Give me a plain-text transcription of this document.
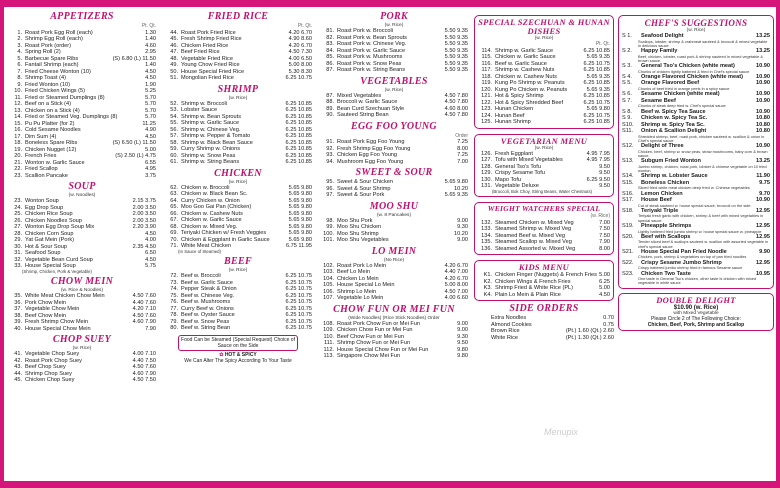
APPETIZERS
Pt. Qt.
1. Roast Pork Egg Roll (each)	1.30
2. Shrimp Egg Roll (each)	1.40
3. Roast Pork (order)	4.60
4. Spring Roll (2)	2.95
5. Barbecue Spare Ribs	(S) 6.80 (L) 11.50
6. Fantail Shrimp (each)	1.40
7. Fried Cheese Wonton (10)	4.50
8. Shrimp Toast (4)	4.50
9. Fried Wonton (10)	1.90
10. Fried Chicken Wings (5)	5.25
11. Fried or Steamed Dumplings (8)	5.70
12. Beef on a Stick (4)	5.70
13. Chicken on a Stick (4)	5.70
14. Fried or Steamed Veg. Dumplings (8)	5.70
15. Pu Pu Platter (for 2)	11.25
16. Cold Sesame Noodles	4.90
17. Dim Sum (4)	4.50
18. Boneless Spare Ribs	(S) 6.50 (L) 11.50
19. Chicken Nugget (12)	5.00
20. French Fries	(S) 2.50 (L) 4.75
21. Wonton w. Garlic Sauce	6.55
22. Fried Scallop	4.95
23. Scallion Pancake	3.75
SOUP
(w. Noodles)
23. Wonton Soup	2.15 3.75
24. Egg Drop Soup	2.00 3.50
25. Chicken Rice Soup	2.00 3.50
26. Chicken Noodles Soup	2.00 3.50
27. Wonton Egg Drop Soup Mix	2.20 3.90
28. Chicken Corn Soup	4.50
29. Yat Gat Mein (Pork)	4.00
30. Hot & Sour Soup	2.35 4.50
31. Seafood Soup	6.50
32. Vegetable Bean Curd Soup	4.50
33. House Special Soup	5.75
(Shrimp, Chicken, Pork & Vegetable)
CHOW MEIN
(w. Rice & Noodles)
35. White Meat Chicken Chow Mein	4.50 7.60
36. Pork Chow Mein	4.40 7.60
37. Vegetable Chow Mein	4.20 7.10
38. Beef Chow Mein	4.50 7.60
39. Fresh Shrimp Chow Mein	4.60 7.90
40. House Special Chow Mein	7.90
CHOP SUEY
(w. Rice)
41. Vegetable Chop Suey	4.00 7.10
42. Roast Pork Chop Suey	4.40 7.50
43. Beef Chop Suey	4.50 7.60
44. Shrimp Chop Suey	4.60 7.90
45. Chicken Chop Suey	4.50 7.50
FRIED RICE
Pt. Qt.
44. Roast Pork Fried Rice	4.20 6.70
45. Fresh Shrimp Fried Rice	4.90 8.60
46. Chicken Fried Rice	4.20 6.70
47. Beef Fried Rice	4.50 7.30
48. Vegetable Fried Rice	4.00 6.50
49. Young Chow Fried Rice	5.00 8.00
50. House Special Fried Rice	5.30 8.30
51. Mongolian Fried Rice	6.25 10.75
SHRIMP
(w. Rice)
52. Shrimp w. Broccoli	6.25 10.85
53. Lobster Sauce	6.25 10.85
54. Shrimp w. Bean Sprouts	6.25 10.85
55. Shrimp w. Garlic Sauce	6.25 10.85
56. Shrimp w. Chinese Veg.	6.25 10.85
57. Shrimp w. Pepper & Tomato	6.25 10.85
58. Shrimp w. Black Bean Sauce	6.25 10.85
59. Curry Shrimp w. Onions	6.25 10.85
60. Shrimp w. Snow Peas	6.25 10.85
61. Shrimp w. String Beans	6.25 10.85
CHICKEN
(w. Rice)
62. Chicken w. Broccoli	5.65 9.80
63. Chicken w. Black Bean Sc.	5.65 9.80
64. Curry Chicken w. Onion	5.65 9.80
65. Moo Goo Gai Pan (Chicken)	5.65 9.80
66. Chicken w. Cashew Nuts	5.65 9.80
67. Chicken w. Garlic Sauce	5.65 9.80
68. Chicken w. Mixed Veg.	5.65 9.80
69. Teriyaki Chicken w/ Fresh Veggies	5.65 9.80
70. Chicken & Eggplant in Garlic Sauce	5.65 9.80
71. White Meat Chicken	6.75 11.95
(In Sauce of Steamed)
BEEF
(w. Rice)
72. Beef w. Broccoli	6.25 10.75
73. Beef w. Garlic Sauce	6.25 10.75
74. Pepper Steak & Onion	6.25 10.75
75. Beef w. Chinese Veg.	6.25 10.75
76. Beef w. Mushrooms	6.25 10.75
77. Curry Beef w. Onions	6.25 10.75
78. Beef w. Oyster Sauce	6.25 10.75
79. Beef w. Snow Peas	6.25 10.75
80. Beef w. String Bean	6.25 10.75
Food Can be Steamed (Special Request) Choice of Sauce on the Side
✿ HOT & SPICY
We Can Alter The Spicy According To Your Taste
PORK
(w. Rice)
81. Roast Pork w. Broccoli	5.50 9.35
82. Roast Pork w. Bean Sprouts	5.50 9.35
83. Roast Pork w. Chinese Veg.	5.50 9.35
84. Roast Pork w. Garlic Sauce	5.50 9.35
85. Roast Pork w. Mushrooms	5.50 9.35
86. Roast Pork w. Snow Peas	5.50 9.35
87. Roast Pork w. String Beans	5.50 9.35
VEGETABLES
(w. Rice)
87. Mixed Vegetables	4.50 7.80
88. Broccoli w. Garlic Sauce	4.50 7.80
89. Bean Curd Szechuan Style	4.60 8.00
90. Sauteed String Bean	4.50 7.80
EGG FOO YOUNG
Order
91. Roast Pork Egg Foo Young	7.25
92. Fresh Shrimp Egg Foo Young	8.00
93. Chicken Egg Foo Young	7.25
94. Mushroom Egg Foo Young	7.00
SWEET & SOUR
95. Sweet & Sour Chicken	5.65 9.80
96. Sweet & Sour Shrimp	10.20
97. Sweet & Sour Pork	5.65 9.35
MOO SHU
(w. 8 Pancakes)
98. Moo Shu Pork	9.00
99. Moo Shu Chicken	9.30
100. Moo Shu Shrimp	10.20
101. Moo Shu Vegetables	9.00
LO MEIN
(No Rice)
102. Roast Pork Lo Mein	4.20 6.70
103. Beef Lo Mein	4.40 7.00
104. Chicken Lo Mein	4.20 6.70
105. House Special Lo Mein	5.00 8.00
106. Shrimp Lo Mein	4.50 7.00
107. Vegetable Lo Mein	4.00 6.60
CHOW FUN OR MEI FUN
(Wide Noodles) (Rice Stick Noodles) Order
108. Roast Pork Chow Fun or Mei Fun	9.00
109. Chicken Chow Fun or Mei Fun	9.00
110. Beef Chow Fun or Mei Fun	9.30
111. Shrimp Chow Fun or Mei Fun	9.50
112. House Special Chow Fun or Mei Fun	9.80
113. Singapore Chow Mei Fun	9.80
SPECIAL SZECHUAN & HUNAN DISHES
(w. Rice)
Pt. Qt.
114. Shrimp w. Garlic Sauce	6.25 10.85
115. Chicken w. Garlic Sauce	5.65 9.35
116. Beef w. Garlic Sauce	6.25 10.75
117. Shrimp w. Cashew Nuts	6.25 10.85
118. Chicken w. Cashew Nuts	5.65 9.35
119. Kung Po Shrimp w. Peanuts	6.25 10.85
120. Kung Po Chicken w. Peanuts	5.65 9.35
121. Hot & Spicy Shrimp	6.25 10.85
122. Hot & Spicy Shredded Beef	6.25 10.75
123. Hunan Chicken	5.65 9.80
124. Hunan Beef	6.25 10.75
125. Hunan Shrimp	6.25 10.85
VEGETARIAN MENU
(w. Rice)
126. Fresh Eggplant	4.95 7.95
127. Tofu with Mixed Vegetables	4.95 7.95
128. General Tso's Tofu	9.50
129. Crispy Sesame Tofu	9.50
130. Mapo Tofu	6.25 9.50
131. Vegetable Deluxe	9.50
(Broccoli, Bok Choy, String Beans, Water Chestnuts)
WEIGHT WATCHERS SPECIAL
(w. Rice)
132. Steamed Chicken w. Mixed Veg	7.00
133. Steamed Shrimp w. Mixed Veg	7.50
134. Steamed Beef w. Mixed Veg	7.50
135. Steamed Scallop w. Mixed Veg	7.90
136. Steamed Assorted w. Mixed Veg	8.00
KIDS MENU
K1. Chicken Finger (Nuggets) & French Fries 5.00
K2. Chicken Wings & French Fries	6.25
K3. Shrimp Fried & White Rice (PL)	5.00
K4. Plain Lo Mein & Plain Rice	4.50
SIDE ORDERS
Extra Noodles	0.70
Almond Cookies	0.75
Brown Rice	(Pt.) 1.60 (Qt.) 2.60
White Rice	(Pt.) 1.30 (Qt.) 2.60
Menupix
CHEF'S SUGGESTIONS
(w. Rice)
S 1.	Seafood Delight	13.25
Scallops, lobster, shrimp & crabmeat sauteed & broccoli & mixed vegetable in delicious sauce
S 2.	Happy Family	13.25
Beef, chicken, lobster, roast pork & shrimp sauteed in mixed vegetable & brown sauce.
S 3.	General Tso's Chicken (white meat)	10.90
Chunks of chicken lightly battered & fried in Chef's special sauce
S 4.	Orange Flavored Chicken (white meat)	10.90
S 5.	Orange Flavored Beef	10.90
Chunks of beef fried in orange peels in a spicy sauce.
S 6.	Sesame Chicken (white meat)	10.90
S 7.	Sesame Beef	10.90
Chunks of steak deep fried w. Chef's special sauce
S 8.	Beef w. Spicy Tea Sauce	10.90
S 9.	Chicken w. Spicy Tea Sc.	10.80
S10.	Shrimp w. Spicy Tea Sc.	10.80
S11.	Onion & Scallion Delight	10.80
Shredded shrimp, beef, roast pork, chicken sauteed w. scallion & onion in Chef's special sauce
S12.	Delight of Three	10.90
Chicken, beef, shrimp w. snow peas, straw mushrooms, baby corn & brown sauce.
S13.	Subgum Fried Wonton	13.25
Jumbo shrimp, chicken, roast pork, lobster & chinese vegetable on 10 fried wonton
S14.	Shrimp w. Lobster Sauce	11.90
S15.	Boneless Chicken	9.75
Sliced fried white meat chicken deep fried w. Chinese vegetables
S16.	Lemon Chicken	9.70
S17.	House Beef	10.90
Cut of steak sauteed w. house special sauce, broccoli on the side.
S18.	Teriyaki Triple	12.95
Teriyaki fresh garlic with chicken, shrimp & beef with mixed vegetables in special sauce
S19.	Pineapple Shrimps	12.95
Lightly battered fried jumbo shrimp w. house special sauce w. pineapple
S20.	Beef with Scallops	12.95
Tender sliced beef & scallops sauteed w. scallion with assorted vegetable in chef's special sauce
S21.	House Special Pan Fried Noodle	9.90
Chicken, pork, shrimp & vegetables on top of pan fried noodles
S22.	Crispy Sesame Jumbo Shrimp	12.95
Crispy battered jumbo shrimp fried in famous Sesame sauce
S23.	Chicken Two Taste	10.95
One taste in General Tso's chicken, other taste is chicken with mixed vegetable in white sauce
DOUBLE DELIGHT
$10.90 (w. Rice)
with Mixed Vegetable
Please Circle 2 of The Following Choice:
Chicken, Beef, Pork, Shrimp and Scallop
